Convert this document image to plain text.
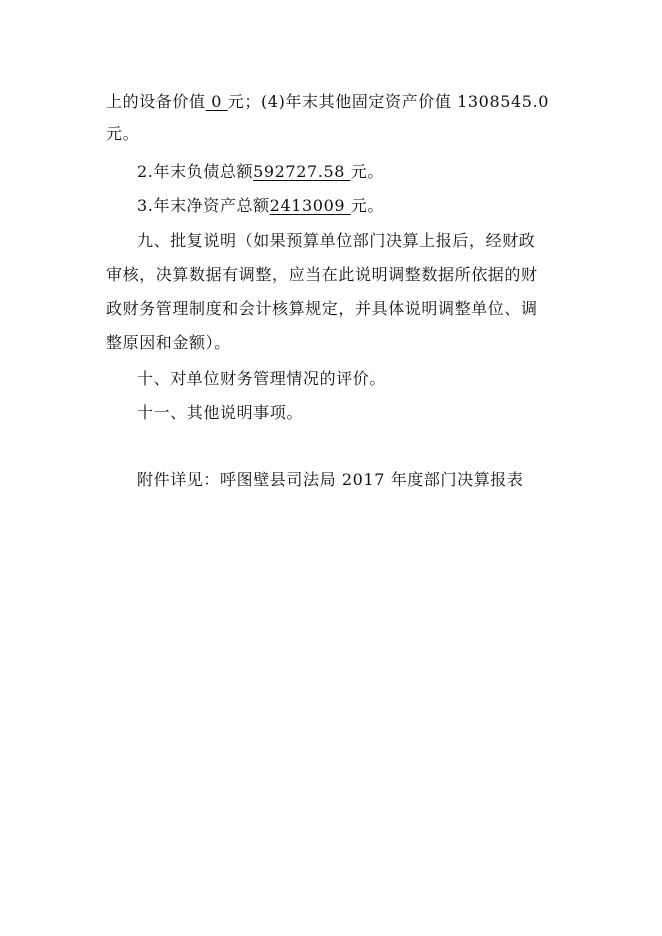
上的设备价值 0 元；(4)年末其他固定资产价值 1308545.0
元。
2.年末负债总额592727.58 元。
3.年末净资产总额2413009 元。
九、批复说明（如果预算单位部门决算上报后，经财政
审核，决算数据有调整，应当在此说明调整数据所依据的财
政财务管理制度和会计核算规定，并具体说明调整单位、调
整原因和金额）。
十、对单位财务管理情况的评价。
十一、其他说明事项。
附件详见：呼图壁县司法局 2017 年度部门决算报表
